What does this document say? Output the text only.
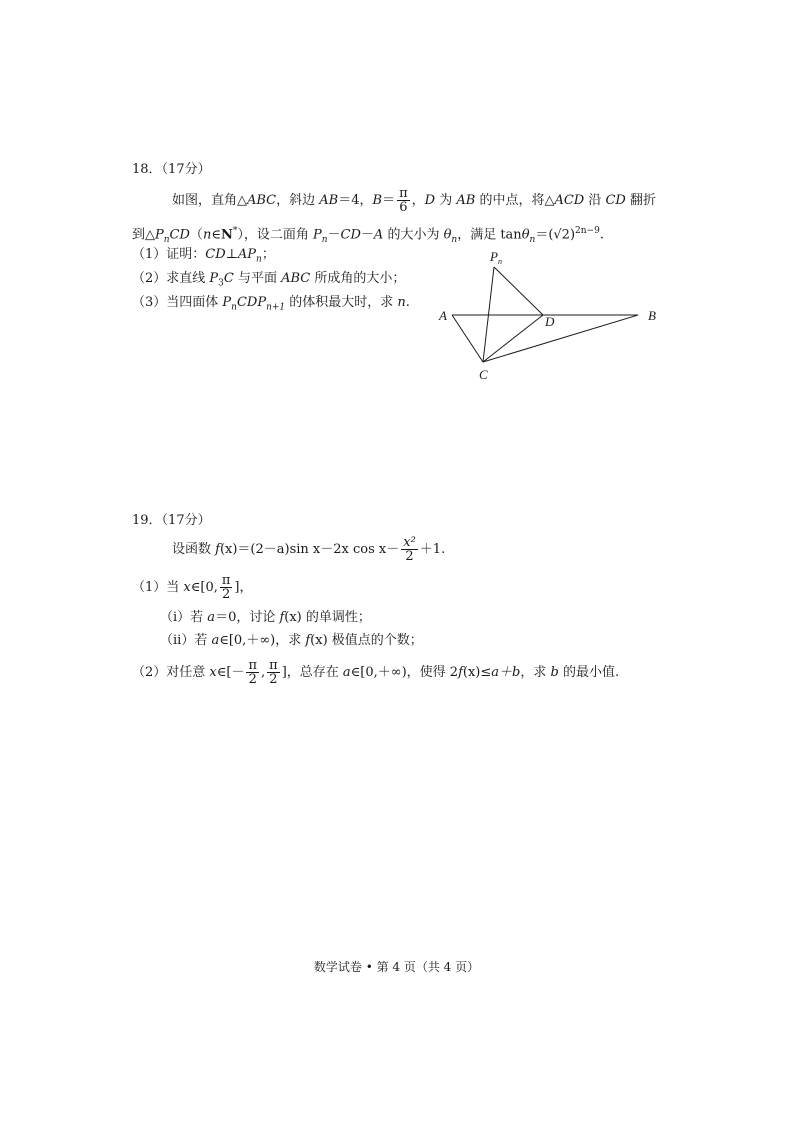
18．（17分）
如图，直角△ABC，斜边 AB＝4，$B= \frac{\pi}{6}$ ，D 为 AB 的中点，将△ACD 沿 CD 翻折
到$\triangle P_nCD(n\in N^*)$，设二面角 $P_n-CD-A$ 的大小为 $\theta_n$，满足 $\tan\theta_n=(√2)^{2n-9}$.
（1）证明：$CD\perp AP_n$；
（2）求直线 $P_3C$ 与平面 ABC 所成角的大小；
（3）当四面体 $P_nCDP_{n+1}$ 的体积最大时，求 n.
$P_n$
A	D	B
C
19．（17分）
设函数 f(x)＝(2－a)sin x－2x $\cos x- \frac{\text{x²}}{2} +1$.
（1）当 x∈[0, $\frac{\pi}{2}$ ]，
（i）若 a＝0，讨论 f(x) 的单调性；
（ii）若 a∈[0,＋∞)，求 f(x) 极值点的个数；
（2）对任意 x∈[－ $\frac{\pi}{2}$ , $\frac{\pi}{2}$ ]，总存在 a∈[0,＋∞)，使得 2f(x)≤a＋b，求 b 的最小值.
数学试卷 • 第 4 页（共 4 页）
